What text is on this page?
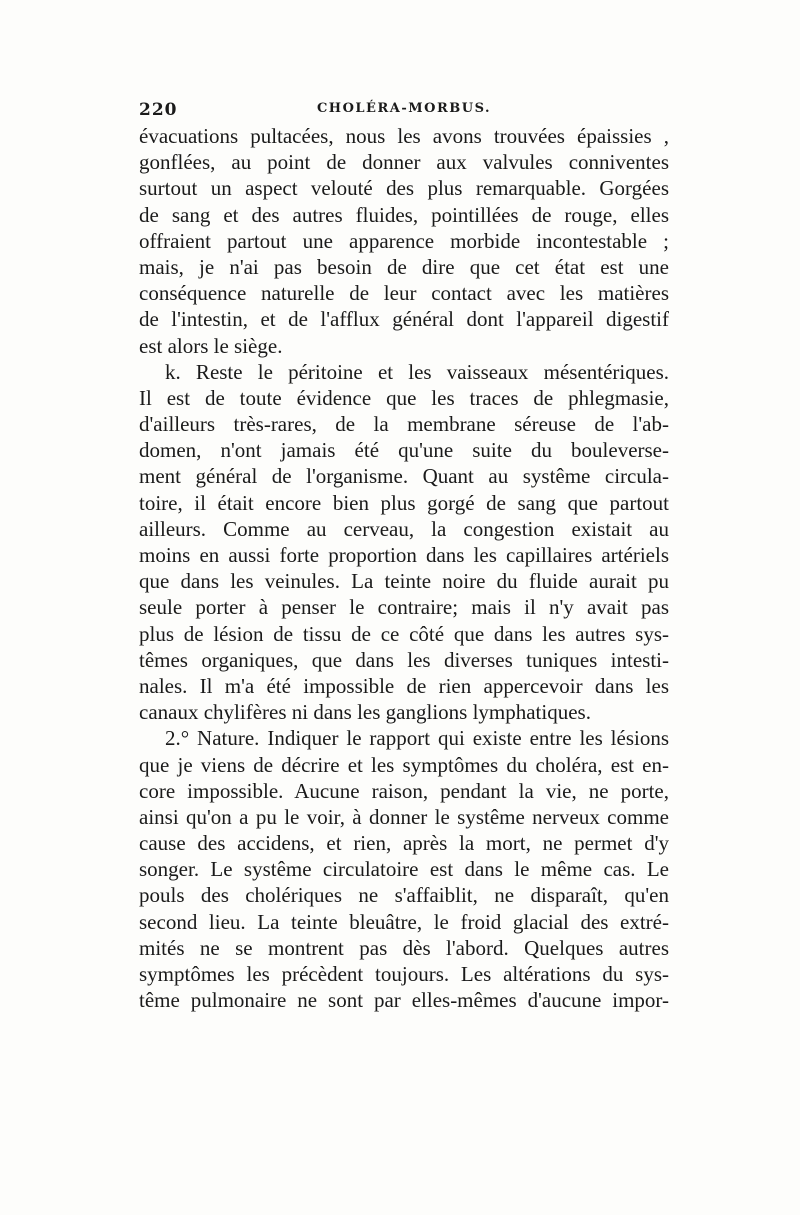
220	CHOLÉRA-MORBUS.
évacuations pultacées, nous les avons trouvées épaissies ,
gonflées, au point de donner aux valvules conniventes
surtout un aspect velouté des plus remarquable. Gorgées
de sang et des autres fluides, pointillées de rouge, elles
offraient partout une apparence morbide incontestable ;
mais, je n'ai pas besoin de dire que cet état est une
conséquence naturelle de leur contact avec les matières
de l'intestin, et de l'afflux général dont l'appareil digestif
est alors le siège.
k. Reste le péritoine et les vaisseaux mésentériques.
Il est de toute évidence que les traces de phlegmasie,
d'ailleurs très-rares, de la membrane séreuse de l'ab-
domen, n'ont jamais été qu'une suite du bouleverse-
ment général de l'organisme. Quant au systême circula-
toire, il était encore bien plus gorgé de sang que partout
ailleurs. Comme au cerveau, la congestion existait au
moins en aussi forte proportion dans les capillaires artériels
que dans les veinules. La teinte noire du fluide aurait pu
seule porter à penser le contraire; mais il n'y avait pas
plus de lésion de tissu de ce côté que dans les autres sys-
têmes organiques, que dans les diverses tuniques intesti-
nales. Il m'a été impossible de rien appercevoir dans les
canaux chylifères ni dans les ganglions lymphatiques.
2.° Nature. Indiquer le rapport qui existe entre les lésions
que je viens de décrire et les symptômes du choléra, est en-
core impossible. Aucune raison, pendant la vie, ne porte,
ainsi qu'on a pu le voir, à donner le systême nerveux comme
cause des accidens, et rien, après la mort, ne permet d'y
songer. Le systême circulatoire est dans le même cas. Le
pouls des cholériques ne s'affaiblit, ne disparaît, qu'en
second lieu. La teinte bleuâtre, le froid glacial des extré-
mités ne se montrent pas dès l'abord. Quelques autres
symptômes les précèdent toujours. Les altérations du sys-
tême pulmonaire ne sont par elles-mêmes d'aucune impor-
